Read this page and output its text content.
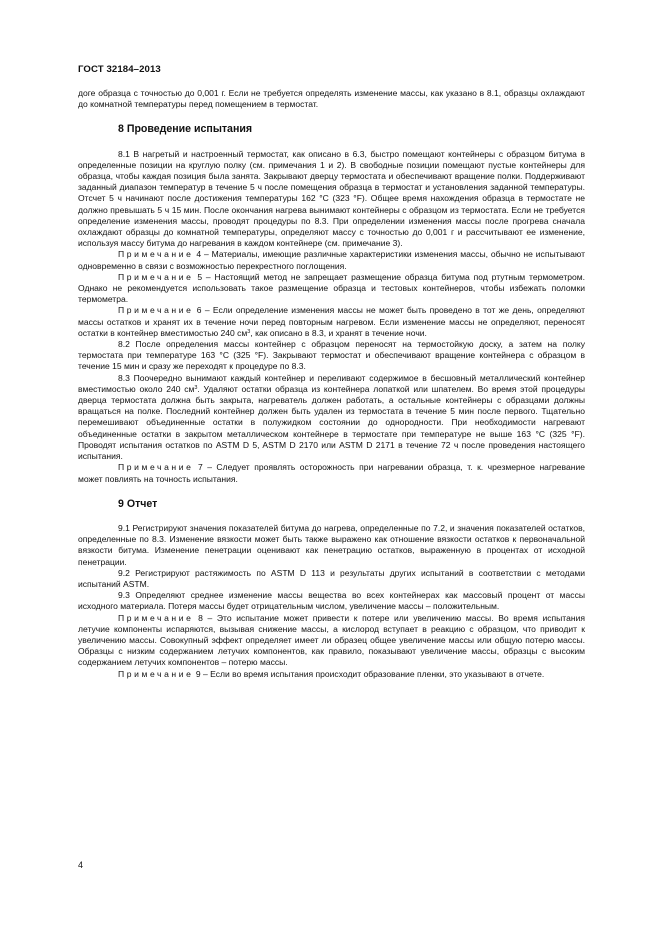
ГОСТ 32184–2013

доге образца с точностью до 0,001 г. Если не требуется определять изменение массы, как указано в 8.1, образцы охлаждают до комнатной температуры перед помещением в термостат.

8 Проведение испытания

8.1 В нагретый и настроенный термостат, как описано в 6.3, быстро помещают контейнеры с образцом битума в определенные позиции на круглую полку (см. примечания 1 и 2). В свободные позиции помещают пустые контейнеры для образца, чтобы каждая позиция была занята. Закрывают дверцу термостата и обеспечивают вращение полки. Поддерживают заданный диапазон температур в течение 5 ч после помещения образца в термостат и установления заданной температуры. Отсчет 5 ч начинают после достижения температуры 162 °C (323 °F). Общее время нахождения образца в термостате не должно превышать 5 ч 15 мин. После окончания нагрева вынимают контейнеры с образцом из термостата. Если не требуется определение изменения массы, проводят процедуры по 8.3. При определении изменения массы после прогрева сначала охлаждают образцы до комнатной температуры, определяют массу с точностью до 0,001 г и рассчитывают ее изменение, используя массу битума до нагревания в каждом контейнере (см. примечание 3).

Примечание 4 – Материалы, имеющие различные характеристики изменения массы, обычно не испытывают одновременно в связи с возможностью перекрестного поглощения.

Примечание 5 – Настоящий метод не запрещает размещение образца битума под ртутным термометром. Однако не рекомендуется использовать такое размещение образца и тестовых контейнеров, чтобы избежать поломки термометра.

Примечание 6 – Если определение изменения массы не может быть проведено в тот же день, определяют массы остатков и хранят их в течение ночи перед повторным нагревом. Если изменение массы не определяют, переносят остатки в контейнер вместимостью 240 $см^3$, как описано в 8.3, и хранят в течение ночи.

8.2 После определения массы контейнер с образцом переносят на термостойкую доску, а затем на полку термостата при температуре 163 °C (325 °F). Закрывают термостат и обеспечивают вращение контейнера с образцом в течение 15 мин и сразу же переходят к процедуре по 8.3.

8.3 Поочередно вынимают каждый контейнер и переливают содержимое в бесшовный металлический контейнер вместимостью около 240 $см^3$. Удаляют остатки образца из контейнера лопаткой или шпателем. Во время этой процедуры дверца термостата должна быть закрыта, нагреватель должен работать, а остальные контейнеры с образцами должны вращаться на полке. Последний контейнер должен быть удален из термостата в течение 5 мин после первого. Тщательно перемешивают объединенные остатки в полужидком состоянии до однородности. При необходимости нагревают объединенные остатки в закрытом металлическом контейнере в термостате при температуре не выше 163 °C (325 °F). Проводят испытания остатков по ASTM D 5, ASTM D 2170 или ASTM D 2171 в течение 72 ч после проведения настоящего испытания.

Примечание 7 – Следует проявлять осторожность при нагревании образца, т. к. чрезмерное нагревание может повлиять на точность испытания.

9 Отчет

9.1 Регистрируют значения показателей битума до нагрева, определенные по 7.2, и значения показателей остатков, определенные по 8.3. Изменение вязкости может быть также выражено как отношение вязкости остатков к первоначальной вязкости битума. Изменение пенетрации оценивают как пенетрацию остатков, выраженную в процентах от исходной пенетрации.

9.2 Регистрируют растяжимость по ASTM D 113 и результаты других испытаний в соответствии с методами испытаний ASTM.

9.3 Определяют среднее изменение массы вещества во всех контейнерах как массовый процент от массы исходного материала. Потеря массы будет отрицательным числом, увеличение массы – положительным.

Примечание 8 – Это испытание может привести к потере или увеличению массы. Во время испытания летучие компоненты испаряются, вызывая снижение массы, а кислород вступает в реакцию с образцом, что приводит к увеличению массы. Совокупный эффект определяет имеет ли образец общее увеличение массы или общую потерю массы. Образцы с низким содержанием летучих компонентов, как правило, показывают увеличение массы, образцы с высоким содержанием летучих компонентов – потерю массы.

Примечание 9 – Если во время испытания происходит образование пленки, это указывают в отчете.

4
